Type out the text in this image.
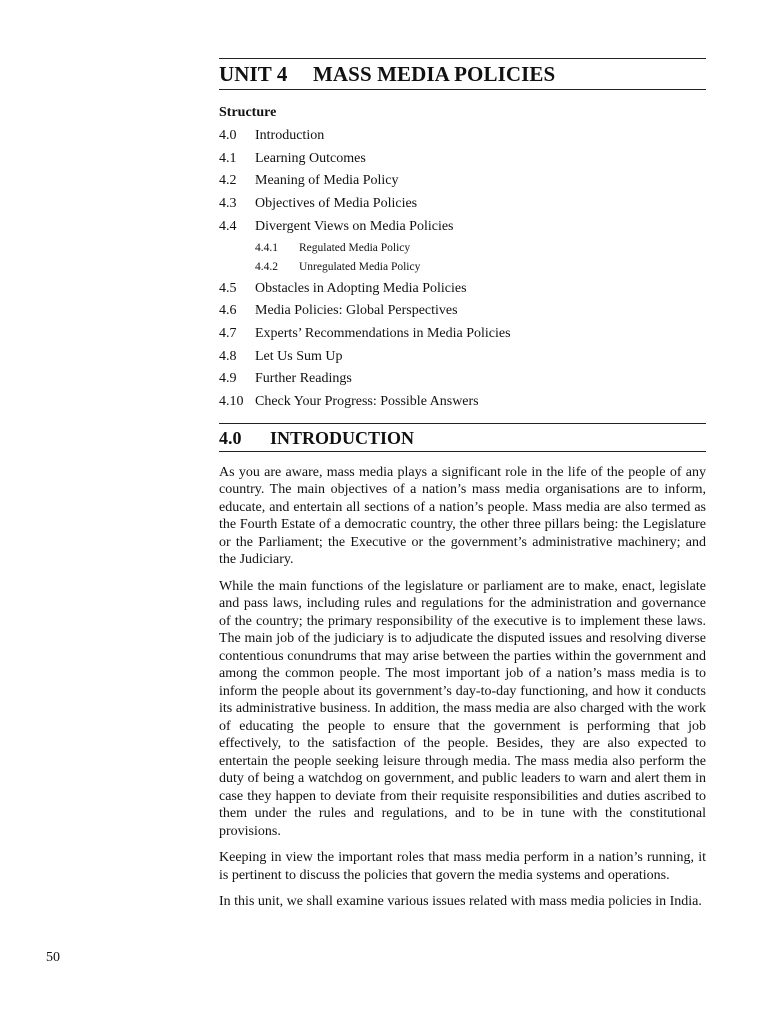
UNIT 4 MASS MEDIA POLICIES
Structure
4.0 Introduction
4.1 Learning Outcomes
4.2 Meaning of Media Policy
4.3 Objectives of Media Policies
4.4 Divergent Views on Media Policies
4.4.1 Regulated Media Policy
4.4.2 Unregulated Media Policy
4.5 Obstacles in Adopting Media Policies
4.6 Media Policies: Global Perspectives
4.7 Experts’ Recommendations in Media Policies
4.8 Let Us Sum Up
4.9 Further Readings
4.10 Check Your Progress: Possible Answers
4.0 INTRODUCTION

As you are aware, mass media plays a significant role in the life of the people of any country. The main objectives of a nation’s mass media organisations are to inform, educate, and entertain all sections of a nation’s people. Mass media are also termed as the Fourth Estate of a democratic country, the other three pillars being: the Legislature or the Parliament; the Executive or the government’s administrative machinery; and the Judiciary.

While the main functions of the legislature or parliament are to make, enact, legislate and pass laws, including rules and regulations for the administration and governance of the country; the primary responsibility of the executive is to implement these laws. The main job of the judiciary is to adjudicate the disputed issues and resolving diverse contentious conundrums that may arise between the parties within the government and among the common people. The most important job of a nation’s mass media is to inform the people about its government’s day-to-day functioning, and how it conducts its administrative business. In addition, the mass media are also charged with the work of educating the people to ensure that the government is performing that job effectively, to the satisfaction of the people. Besides, they are also expected to entertain the people seeking leisure through media. The mass media also perform the duty of being a watchdog on government, and public leaders to warn and alert them in case they happen to deviate from their requisite responsibilities and duties ascribed to them under the rules and regulations, and to be in tune with the constitutional provisions.

Keeping in view the important roles that mass media perform in a nation’s running, it is pertinent to discuss the policies that govern the media systems and operations.

In this unit, we shall examine various issues related with mass media policies in India.

50
